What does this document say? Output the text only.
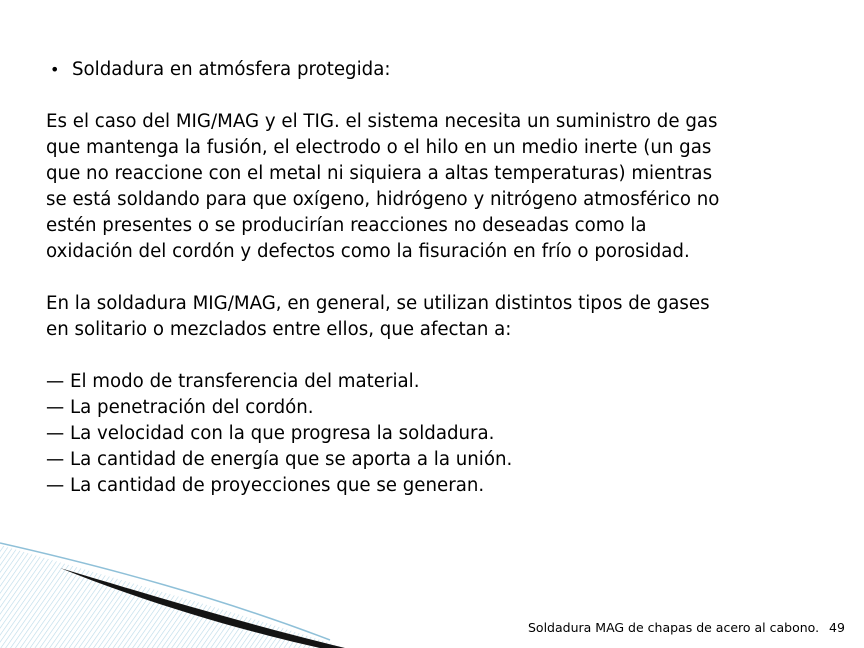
• Soldadura en atmósfera protegida:

Es el caso del MIG/MAG y el TIG. el sistema necesita un suministro de gas
que mantenga la fusión, el electrodo o el hilo en un medio inerte (un gas
que no reaccione con el metal ni siquiera a altas temperaturas) mientras
se está soldando para que oxígeno, hidrógeno y nitrógeno atmosférico no
estén presentes o se producirían reacciones no deseadas como la
oxidación del cordón y defectos como la fisuración en frío o porosidad.

En la soldadura MIG/MAG, en general, se utilizan distintos tipos de gases
en solitario o mezclados entre ellos, que afectan a:

— El modo de transferencia del material.
— La penetración del cordón.
— La velocidad con la que progresa la soldadura.
— La cantidad de energía que se aporta a la unión.
— La cantidad de proyecciones que se generan.
Soldadura MAG de chapas de acero al cabono. 49
